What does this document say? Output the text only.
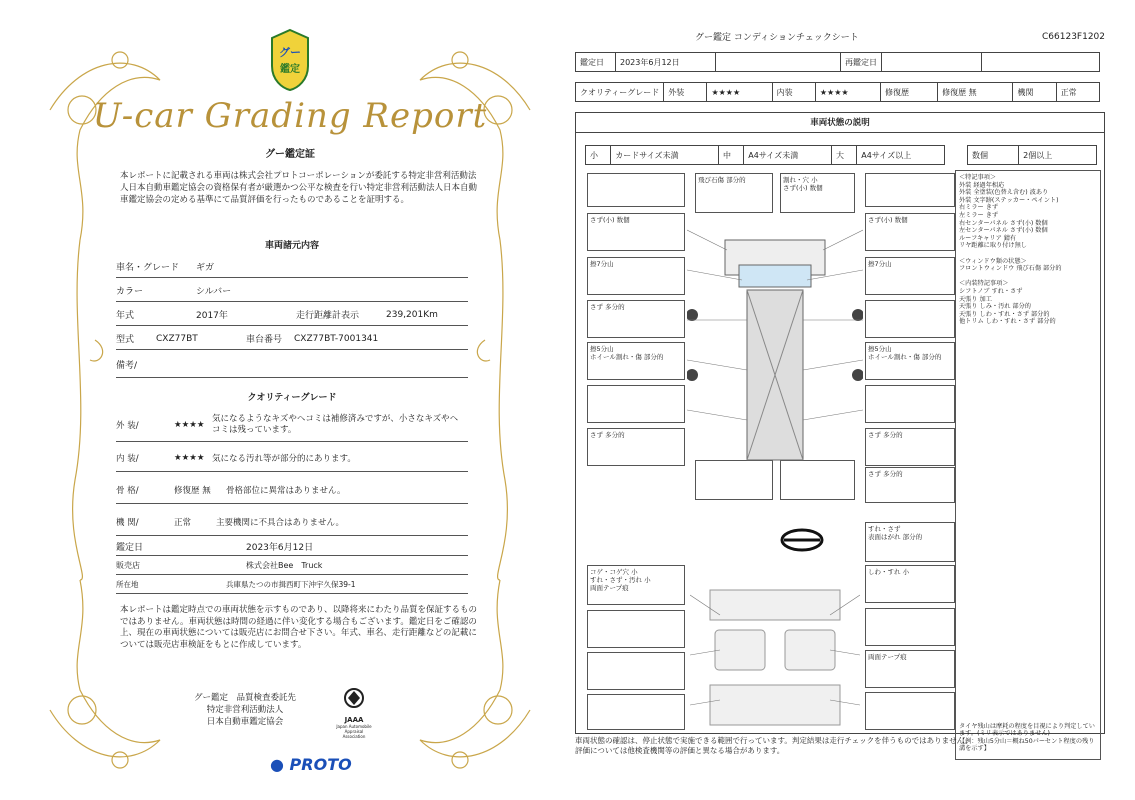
グー
鑑定
U-car Grading Report
グー鑑定証
本レポートに記載される車両は株式会社プロトコーポレーションが委託する特定非営利活動法人日本自動車鑑定協会の資格保有者が厳選かつ公平な検査を行い特定非営利活動法人日本自動車鑑定協会の定める基準にて品質評価を行ったものであることを証明する。
車両諸元内容
車名・グレード	ギガ
カラー	シルバー
年式	2017年	走行距離計表示	239,201Km
型式	CXZ77BT	車台番号	CXZ77BT-7001341
備考/
クオリティーグレード
外 装/	★★★★
気になるようなキズやヘコミは補修済みですが、小さなキズやヘコミは残っています。
内 装/	★★★★ 気になる汚れ等が部分的にあります。
骨 格/	修復歴 無	骨格部位に異常はありません。
機 関/	正常	主要機関に不具合はありません。
鑑定日	2023年6月12日
販売店	株式会社Bee　Truck
所在地	兵庫県たつの市揖西町下沖宇久保39-1
本レポートは鑑定時点での車両状態を示すものであり、以降将来にわたり品質を保証するものではありません。車両状態は時間の経過に伴い変化する場合もございます。鑑定日をご確認の上、現在の車両状態については販売店にお問合せ下さい。年式、車名、走行距離などの記載については販売店車検証をもとに作成しています。
グー鑑定　品質検査委託先
特定非営利活動法人
日本自動車鑑定協会	JAAA
Japan Automobile Appraisal Association
● PROTO
グー鑑定 コンディションチェックシート	C66123F1202
鑑定日	2023年6月12日		再鑑定日		
クオリティーグレード	外装	★★★★	内装	★★★★	修復歴	修復歴 無	機関	正常
車両状態の説明
小	カードサイズ未満	中	A4サイズ未満	大	A4サイズ以上	数個	2個以上
飛び石傷 部分的	割れ・穴 小
さず(小) 数個
さず(小) 数個	さず(小) 数個
擦7分山	擦7分山
さず 多分的
擦5分山
ホイール割れ・傷 部分的
擦5分山
ホイール割れ・傷 部分的
さず 多分的	さず 多分的
さず 多分的
すれ・さず
表面はがれ 部分的
コゲ・コゲ穴 小
すれ・さず・汚れ 小
両面テープ痕
しわ・すれ 小
両面テープ痕
＜特記事項＞
外装 経過年相応
外装 全塗装(色替え含む) 波あり
外装 文字跡(ステッカー・ペイント)
右ミラー きず
左ミラー きず
右センターパネル さず(小) 数個
左センターパネル さず(小) 数個
ルーフキャリア 錆有
リヤ距離に取り付け無し

＜ウィンドウ類の状態＞
フロントウィンドウ 飛び石傷 部分的

＜内装特記事項＞
シフトノブ すれ・さず
天張り 加工
天張り しみ・汚れ 部分的
天張り しわ・すれ・さず 部分的
他トリム しわ・すれ・さず 部分的
タイヤ残山は摩耗の程度を目視により判定しています。(ミリ表示ではありません)
【例：残山5分山＝概ね50パーセント程度の残り溝を示す】
車両状態の確認は、停止状態で実施できる範囲で行っています。判定結果は走行チェックを伴うものではありません。
評価については他検査機関等の評価と異なる場合があります。
